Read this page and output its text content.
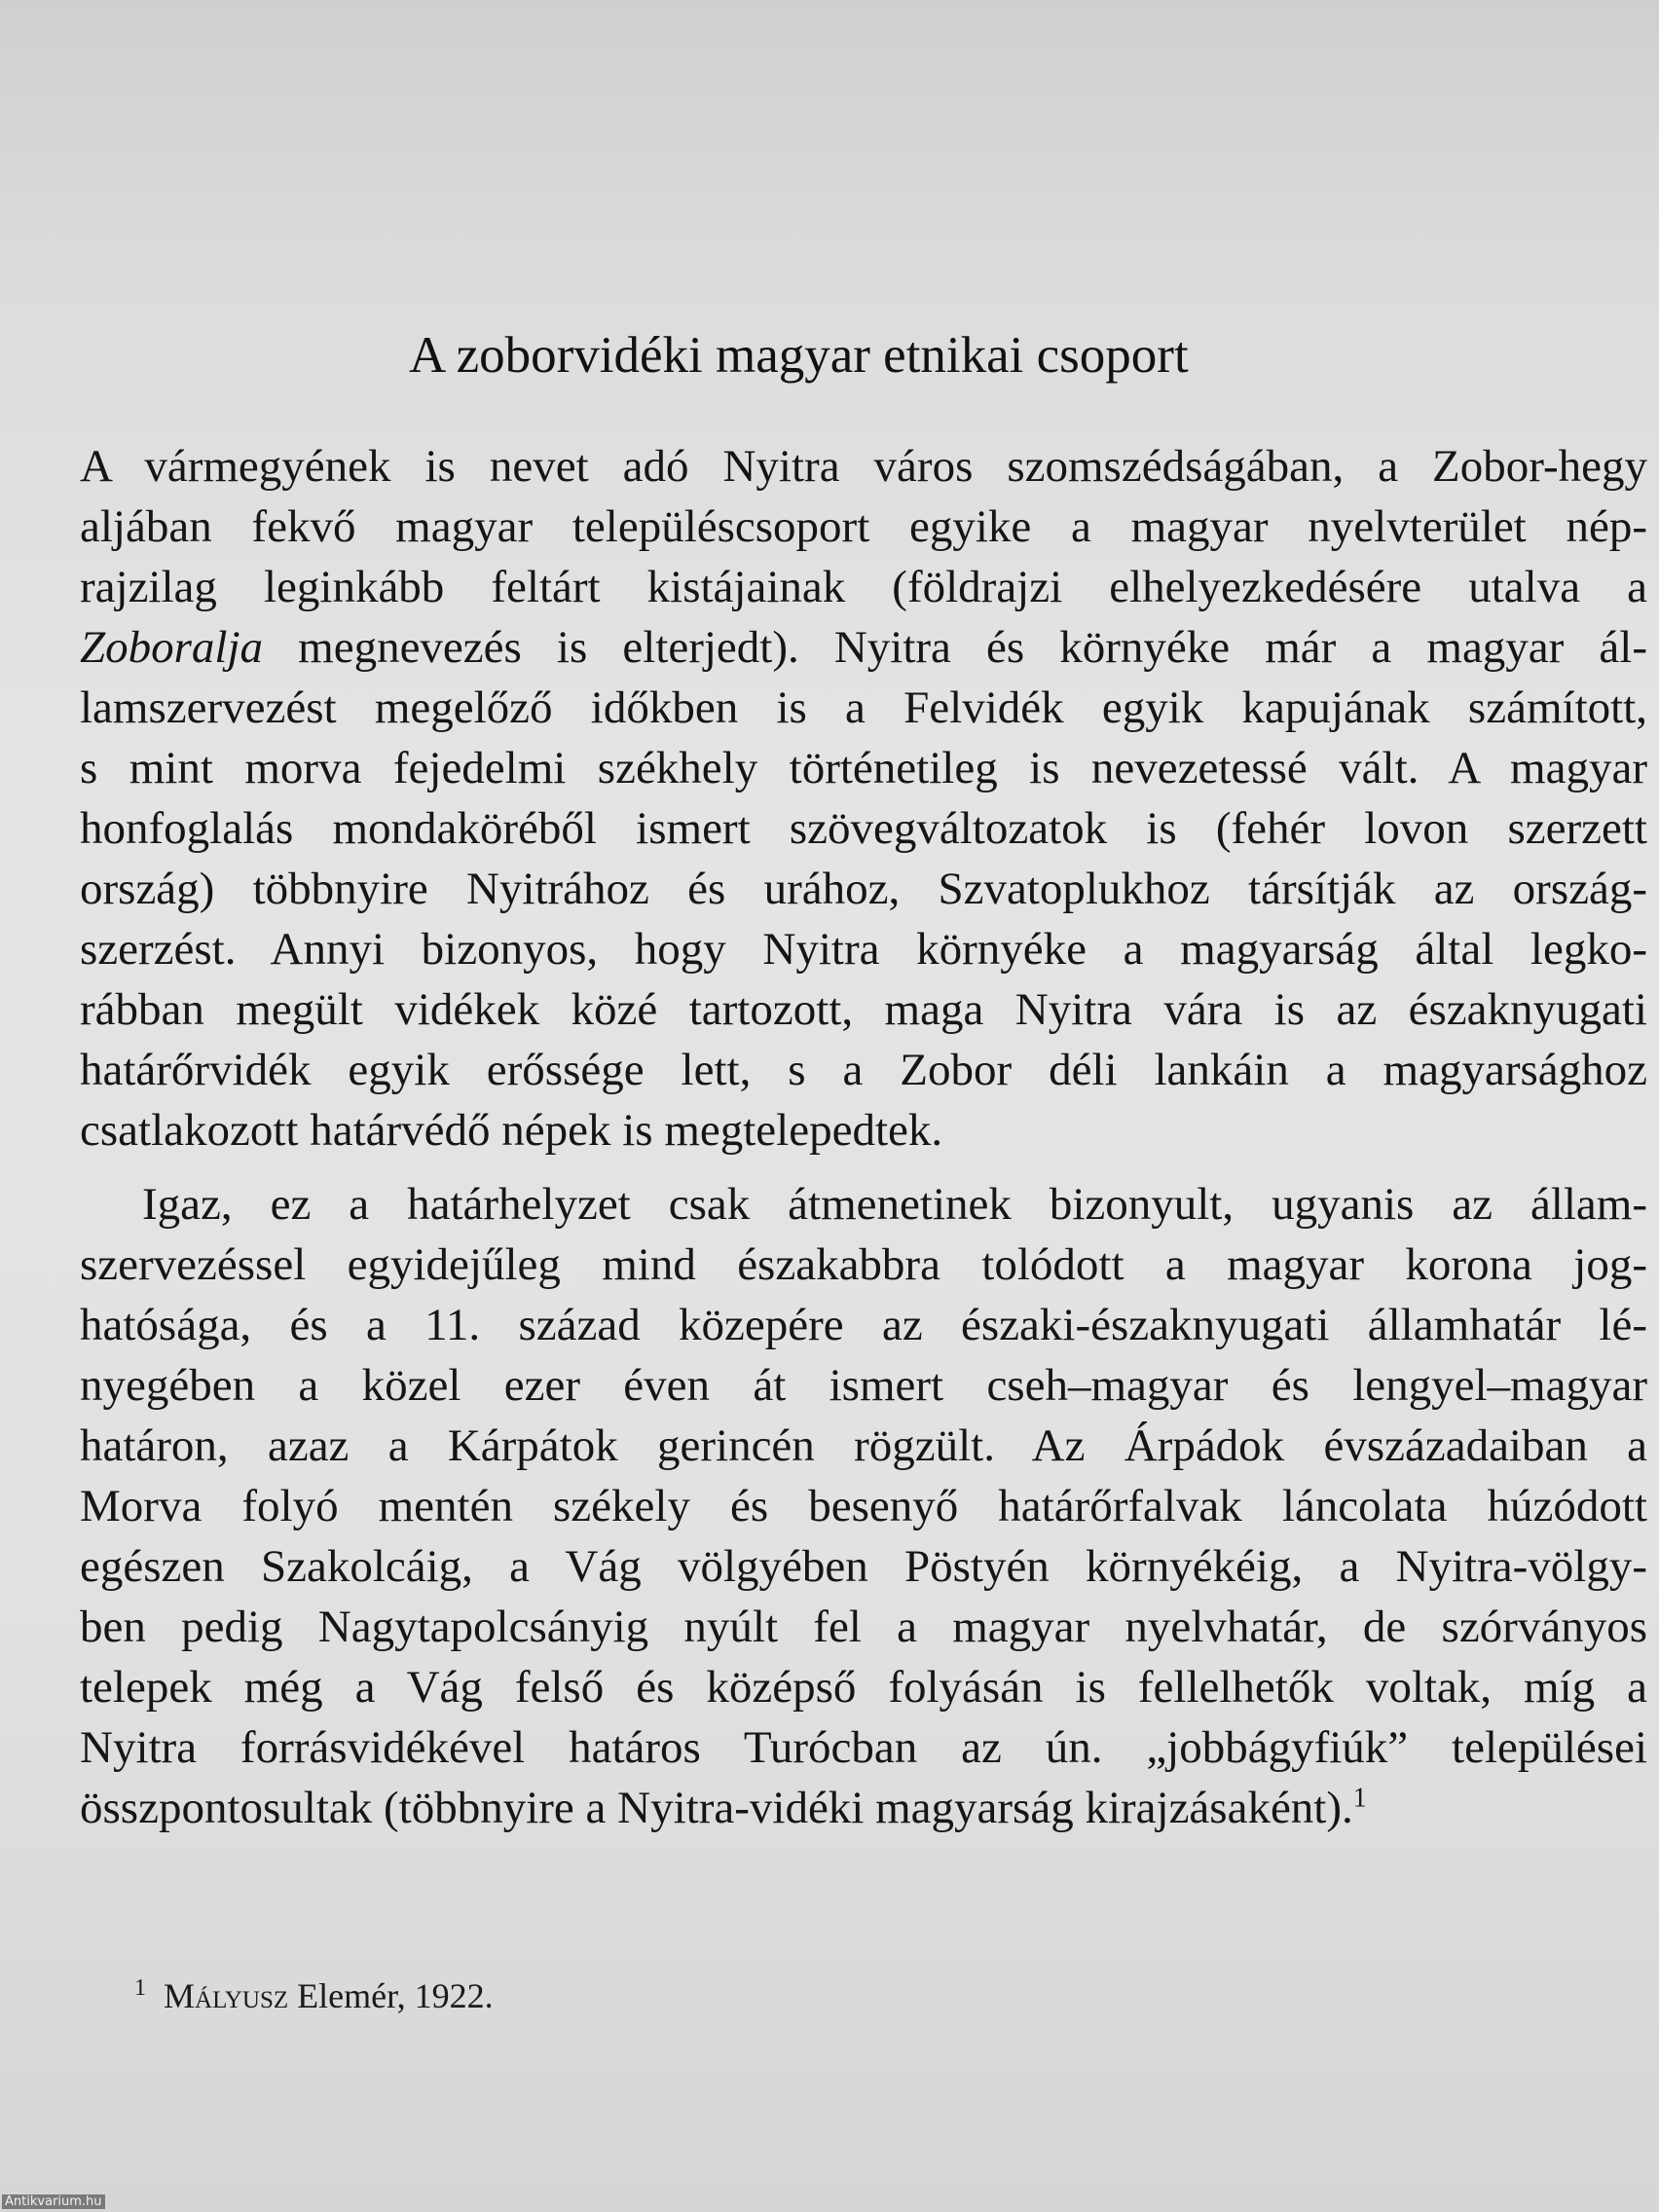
A zoborvidéki magyar etnikai csoport
A vármegyének is nevet adó Nyitra város szomszédságában, a Zobor-hegy
aljában fekvő magyar településcsoport egyike a magyar nyelvterület nép-
rajzilag leginkább feltárt kistájainak (földrajzi elhelyezkedésére utalva a
Zoboralja megnevezés is elterjedt). Nyitra és környéke már a magyar ál-
lamszervezést megelőző időkben is a Felvidék egyik kapujának számított,
s mint morva fejedelmi székhely történetileg is nevezetessé vált. A magyar
honfoglalás mondaköréből ismert szövegváltozatok is (fehér lovon szerzett
ország) többnyire Nyitrához és urához, Szvatoplukhoz társítják az ország-
szerzést. Annyi bizonyos, hogy Nyitra környéke a magyarság által legko-
rábban megült vidékek közé tartozott, maga Nyitra vára is az északnyugati
határőrvidék egyik erőssége lett, s a Zobor déli lankáin a magyarsághoz
csatlakozott határvédő népek is megtelepedtek.
Igaz, ez a határhelyzet csak átmenetinek bizonyult, ugyanis az állam-
szervezéssel egyidejűleg mind északabbra tolódott a magyar korona jog-
hatósága, és a 11. század közepére az északi-északnyugati államhatár lé-
nyegében a közel ezer éven át ismert cseh–magyar és lengyel–magyar
határon, azaz a Kárpátok gerincén rögzült. Az Árpádok évszázadaiban a
Morva folyó mentén székely és besenyő határőrfalvak láncolata húzódott
egészen Szakolcáig, a Vág völgyében Pöstyén környékéig, a Nyitra-völgy-
ben pedig Nagytapolcsányig nyúlt fel a magyar nyelvhatár, de szórványos
telepek még a Vág felső és középső folyásán is fellelhetők voltak, míg a
Nyitra forrásvidékével határos Turócban az ún. „jobbágyfiúk” települései
összpontosultak (többnyire a Nyitra-vidéki magyarság kirajzásaként).$^1$
$^1$ Mályusz Elemér, 1922.
Antikvarium.hu
